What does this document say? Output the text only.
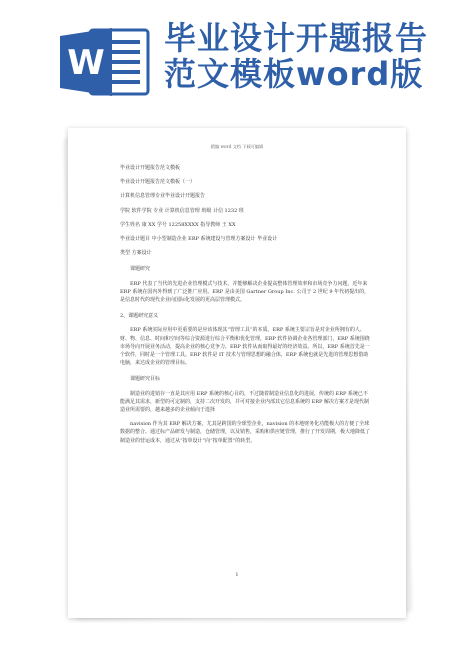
W
毕业设计开题报告
范文模板word版
精编 word 文档 下载可编辑

毕业设计开题报告范文模板

毕业设计开题报告范文模板（一）

计算机信息管理专业毕业设计开题报告

学院 软件学院 专业 计算机信息管理 班级 计信 1232 班

学生姓名 康 XX 学号 12258XXXX 指导教师 王 XX

毕业设计题目 中小型制造企业 ERP 系统建设与管理方案设计 毕业设计

类型 方案设计

课题研究

ERP 代表了当代的先进企业管理模式与技术，并能够解决企业提高整体管理效率和市场竞争力问题，近年来 ERP 系统在国内外得到了广泛推广应用。ERP 是由美国 Gartner Group Inc. 公司于 2 世纪 9 年代初提出的，是信息时代的现代企业向国际化发展的更高层管理模式。

2、课题研究意义

ERP 系统实际应用中更重要的是应该体现其“管理工具”的本质。ERP 系统主要宗旨是对企业所拥有的人、财、物、信息、时间和空间等综合资源进行综合平衡和优化管理，ERP 软件协调企业各管理部门，ERP 系统围绕市场导向开展业务活动，提高企业的核心竞争力，ERP 软件从而取得最好的经济效益。所以，ERP 系统首先是一个软件，同时是一个管理工具。ERP 软件是 IT 技术与管理思想的融合体，ERP 系统也就是先进的管理思想借助电脑，来达成企业的管理目标。

课题研究目标

制造业的进销存一直是其应用 ERP 系统的核心目的，不过随着制造业信息化的进展，传统的 ERP 系统已不能满足其需求，新型的可定制的，支持二次开发的，并可对接企业内部其它信息系统的 ERP 解决方案才是现代制造业所需要的，越来越多的企业倾向于选择

navision 作为其 ERP 解决方案。尤其是跨国的全球型企业，navision 的本地财务化功能极大的方便了全球数据的整合。通过标产品研发与制造，仓储管理，以及销售，采购和供应链管理，推行了开发周期，极大地降低了制造业的营运成本，通过从“按单设计”向“按单配置”的转型。

1
